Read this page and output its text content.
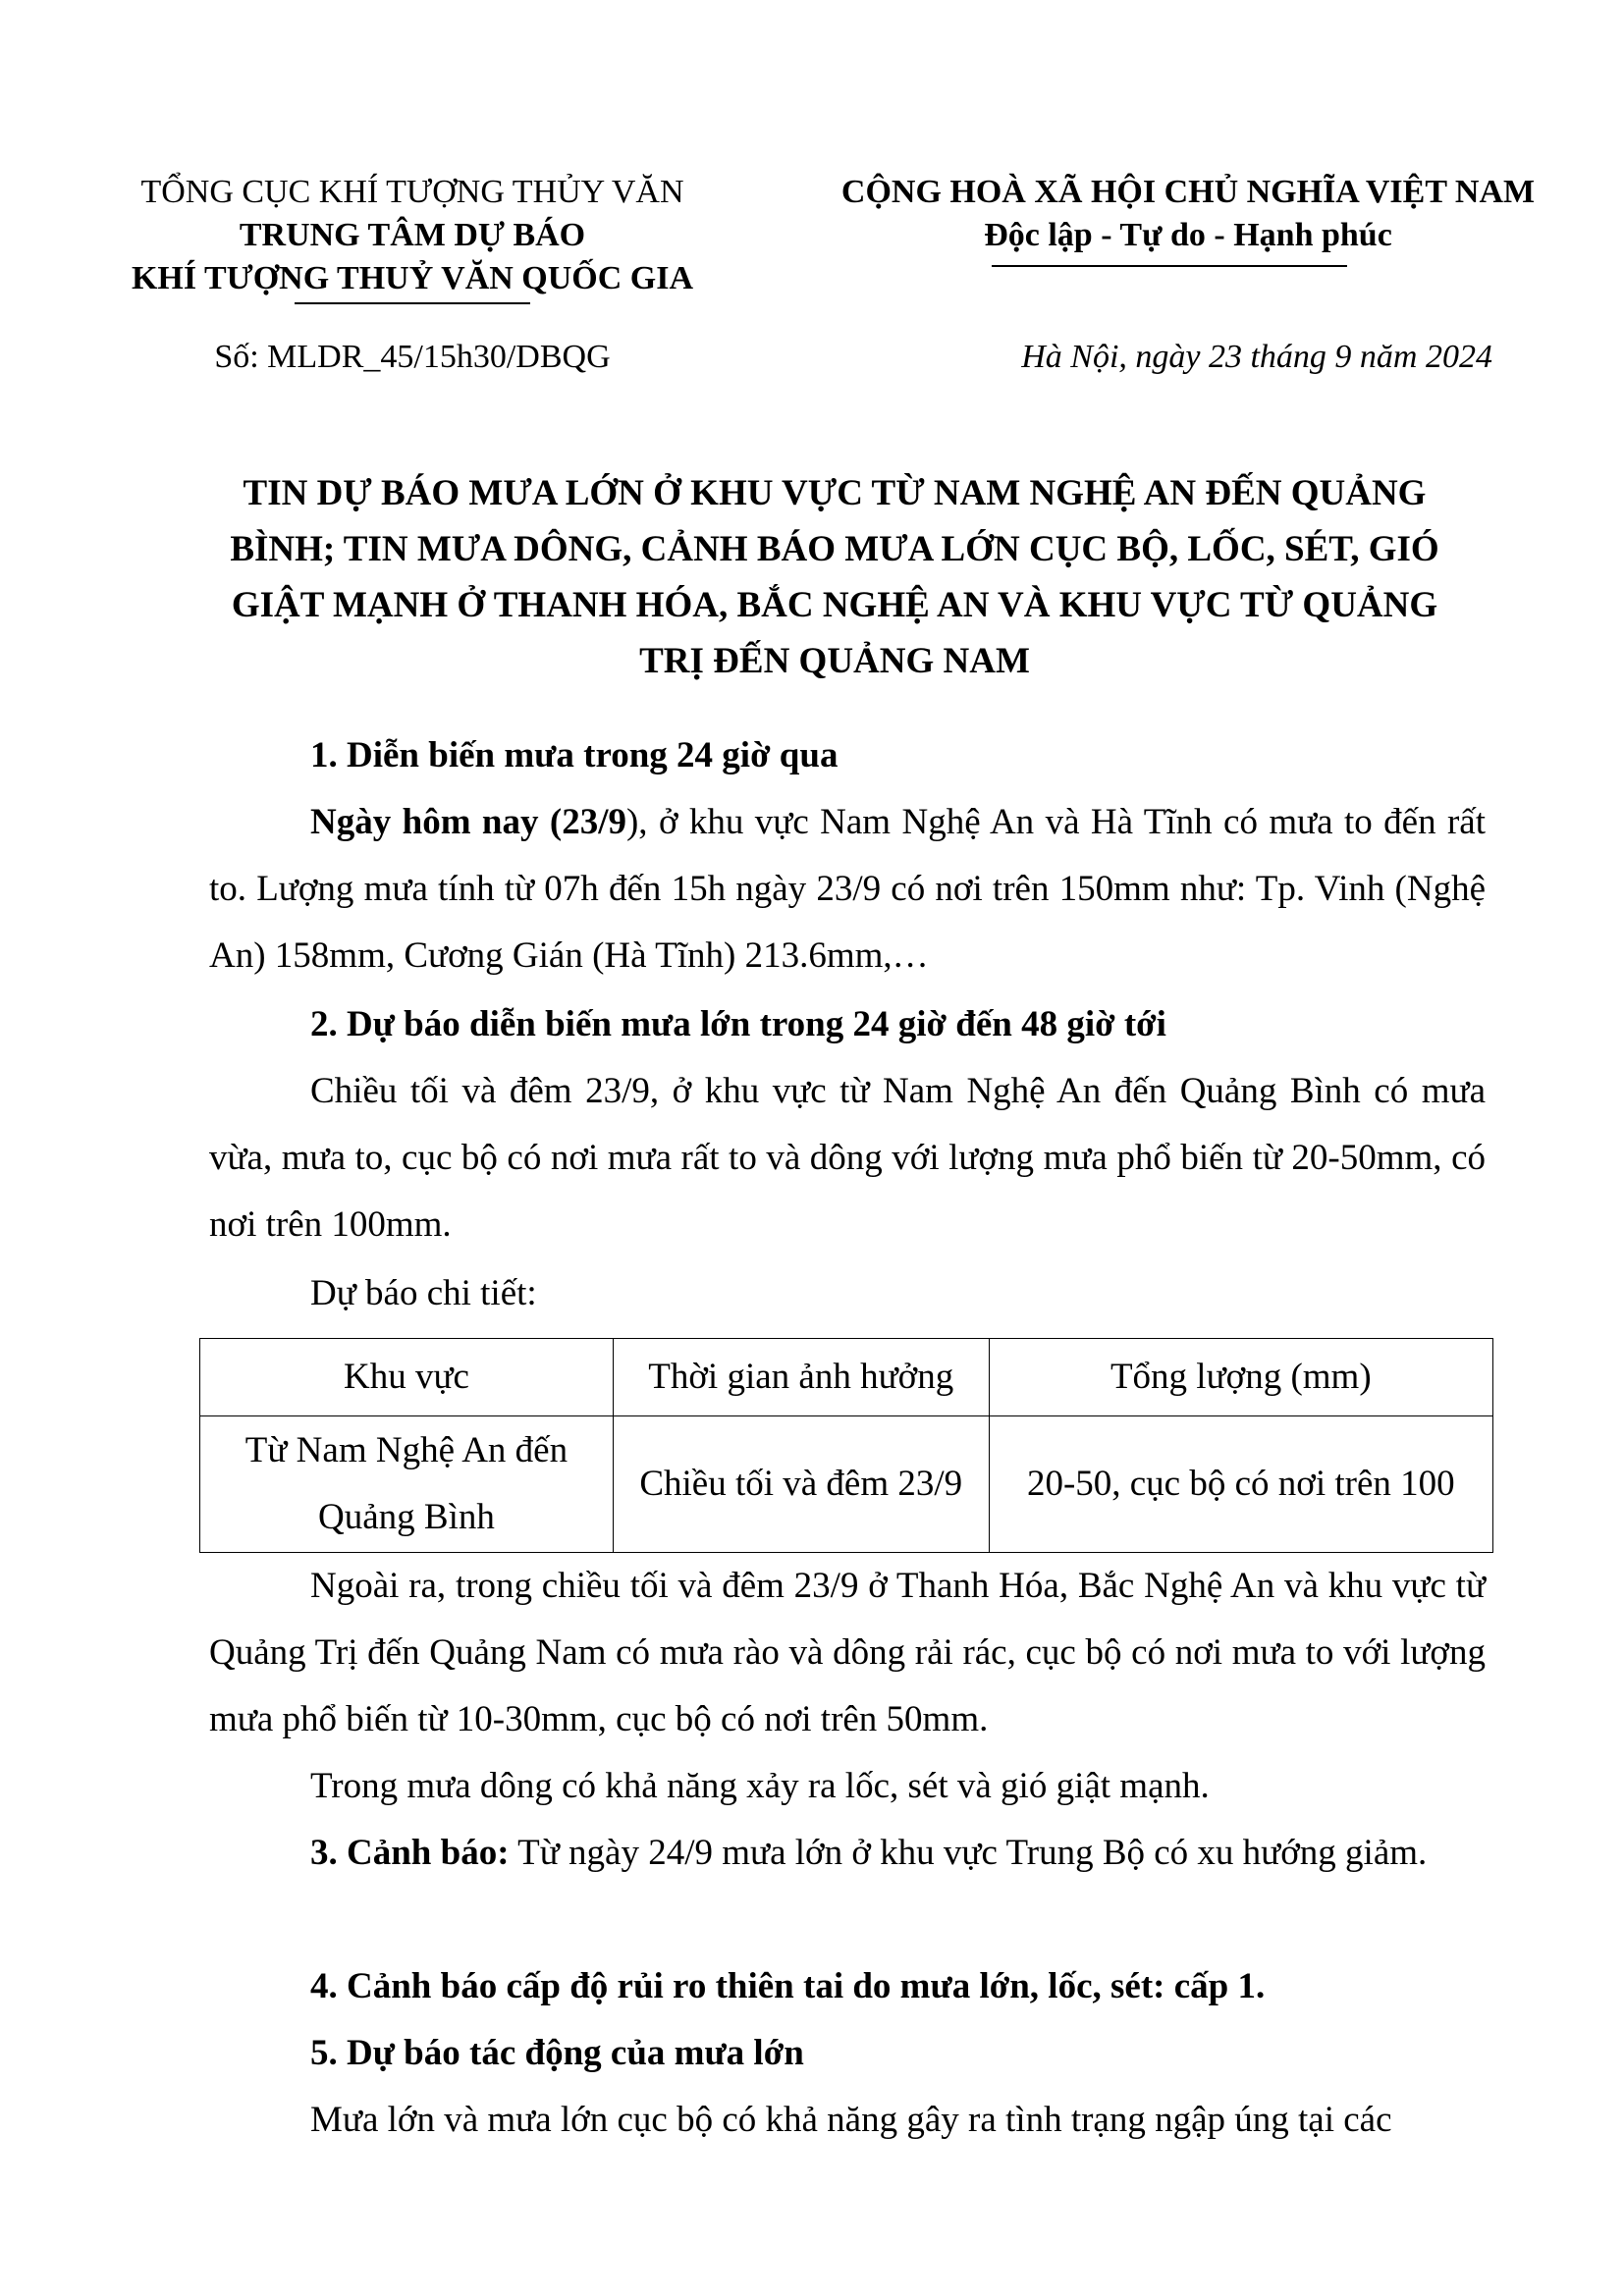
TỔNG CỤC KHÍ TƯỢNG THỦY VĂN
TRUNG TÂM DỰ BÁO
KHÍ TƯỢNG THUỶ VĂN QUỐC GIA
CỘNG HOÀ XÃ HỘI CHỦ NGHĨA VIỆT NAM
Độc lập - Tự do - Hạnh phúc
Số: MLDR_45/15h30/DBQG	Hà Nội, ngày 23 tháng 9 năm 2024
TIN DỰ BÁO MƯA LỚN Ở KHU VỰC TỪ NAM NGHỆ AN ĐẾN QUẢNG BÌNH; TIN MƯA DÔNG, CẢNH BÁO MƯA LỚN CỤC BỘ, LỐC, SÉT, GIÓ GIẬT MẠNH Ở THANH HÓA, BẮC NGHỆ AN VÀ KHU VỰC TỪ QUẢNG TRỊ ĐẾN QUẢNG NAM
1. Diễn biến mưa trong 24 giờ qua
Ngày hôm nay (23/9), ở khu vực Nam Nghệ An và Hà Tĩnh có mưa to đến rất to. Lượng mưa tính từ 07h đến 15h ngày 23/9 có nơi trên 150mm như: Tp. Vinh (Nghệ An) 158mm, Cương Gián (Hà Tĩnh) 213.6mm,…
2. Dự báo diễn biến mưa lớn trong 24 giờ đến 48 giờ tới
Chiều tối và đêm 23/9, ở khu vực từ Nam Nghệ An đến Quảng Bình có mưa vừa, mưa to, cục bộ có nơi mưa rất to và dông với lượng mưa phổ biến từ 20-50mm, có nơi trên 100mm.
Dự báo chi tiết:
Khu vực	Thời gian ảnh hưởng	Tổng lượng (mm)
Từ Nam Nghệ An đến Quảng Bình	Chiều tối và đêm 23/9	20-50, cục bộ có nơi trên 100
Ngoài ra, trong chiều tối và đêm 23/9 ở Thanh Hóa, Bắc Nghệ An và khu vực từ Quảng Trị đến Quảng Nam có mưa rào và dông rải rác, cục bộ có nơi mưa to với lượng mưa phổ biến từ 10-30mm, cục bộ có nơi trên 50mm.
Trong mưa dông có khả năng xảy ra lốc, sét và gió giật mạnh.
3. Cảnh báo: Từ ngày 24/9 mưa lớn ở khu vực Trung Bộ có xu hướng giảm.
4. Cảnh báo cấp độ rủi ro thiên tai do mưa lớn, lốc, sét: cấp 1.
5. Dự báo tác động của mưa lớn
Mưa lớn và mưa lớn cục bộ có khả năng gây ra tình trạng ngập úng tại các
